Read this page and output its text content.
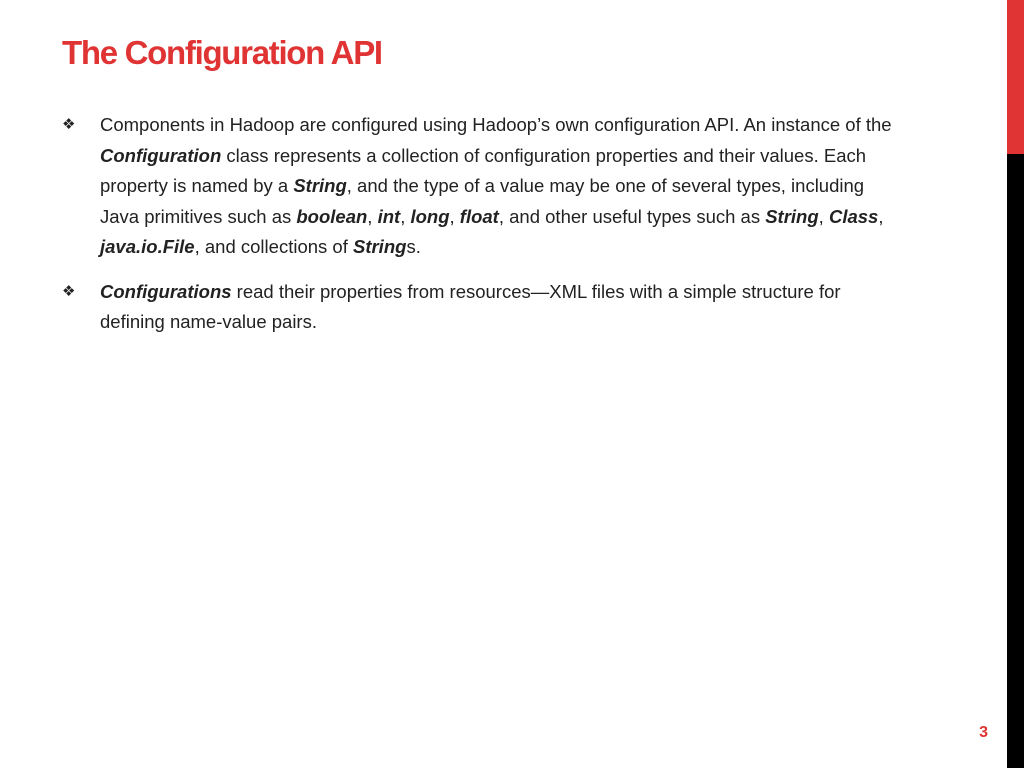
The Configuration API
❖	Components in Hadoop are configured using Hadoop’s own configuration API. An instance of the Configuration class represents a collection of configuration properties and their values. Each property is named by a String, and the type of a value may be one of several types, including Java primitives such as boolean, int, long, float, and other useful types such as String, Class, java.io.File, and collections of Strings.
❖	Configurations read their properties from resources—XML files with a simple structure for defining name-value pairs.
3
